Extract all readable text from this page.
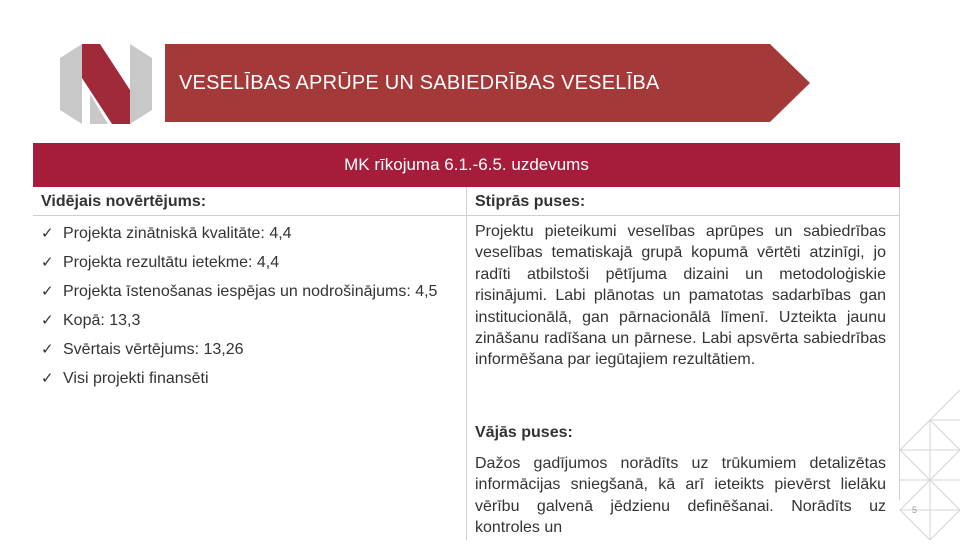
VESELĪBAS APRŪPE UN SABIEDRĪBAS VESELĪBA
MK rīkojuma 6.1.-6.5. uzdevums
Vidējais novērtējums:
✓ Projekta zinātniskā kvalitāte: 4,4
✓ Projekta rezultātu ietekme: 4,4
✓ Projekta īstenošanas iespējas un nodrošinājums: 4,5
✓ Kopā: 13,3
✓ Svērtais vērtējums: 13,26
✓ Visi projekti finansēti

Stiprās puses:

Projektu pieteikumi veselības aprūpes un sabiedrības veselības tematiskajā grupā kopumā vērtēti atzinīgi, jo radīti atbilstoši pētījuma dizaini un metodoloģiskie risinājumi. Labi plānotas un pamatotas sadarbības gan institucionālā, gan pārnacionālā līmenī. Uzteikta jaunu zināšanu radīšana un pārnese. Labi apsvērta sabiedrības informēšana par iegūtajiem rezultātiem.

Vājās puses:

Dažos gadījumos norādīts uz trūkumiem detalizētas informācijas sniegšanā, kā arī ieteikts pievērst lielāku vērību galvenā jēdzienu definēšanai. Norādīts uz kontroles un

5
